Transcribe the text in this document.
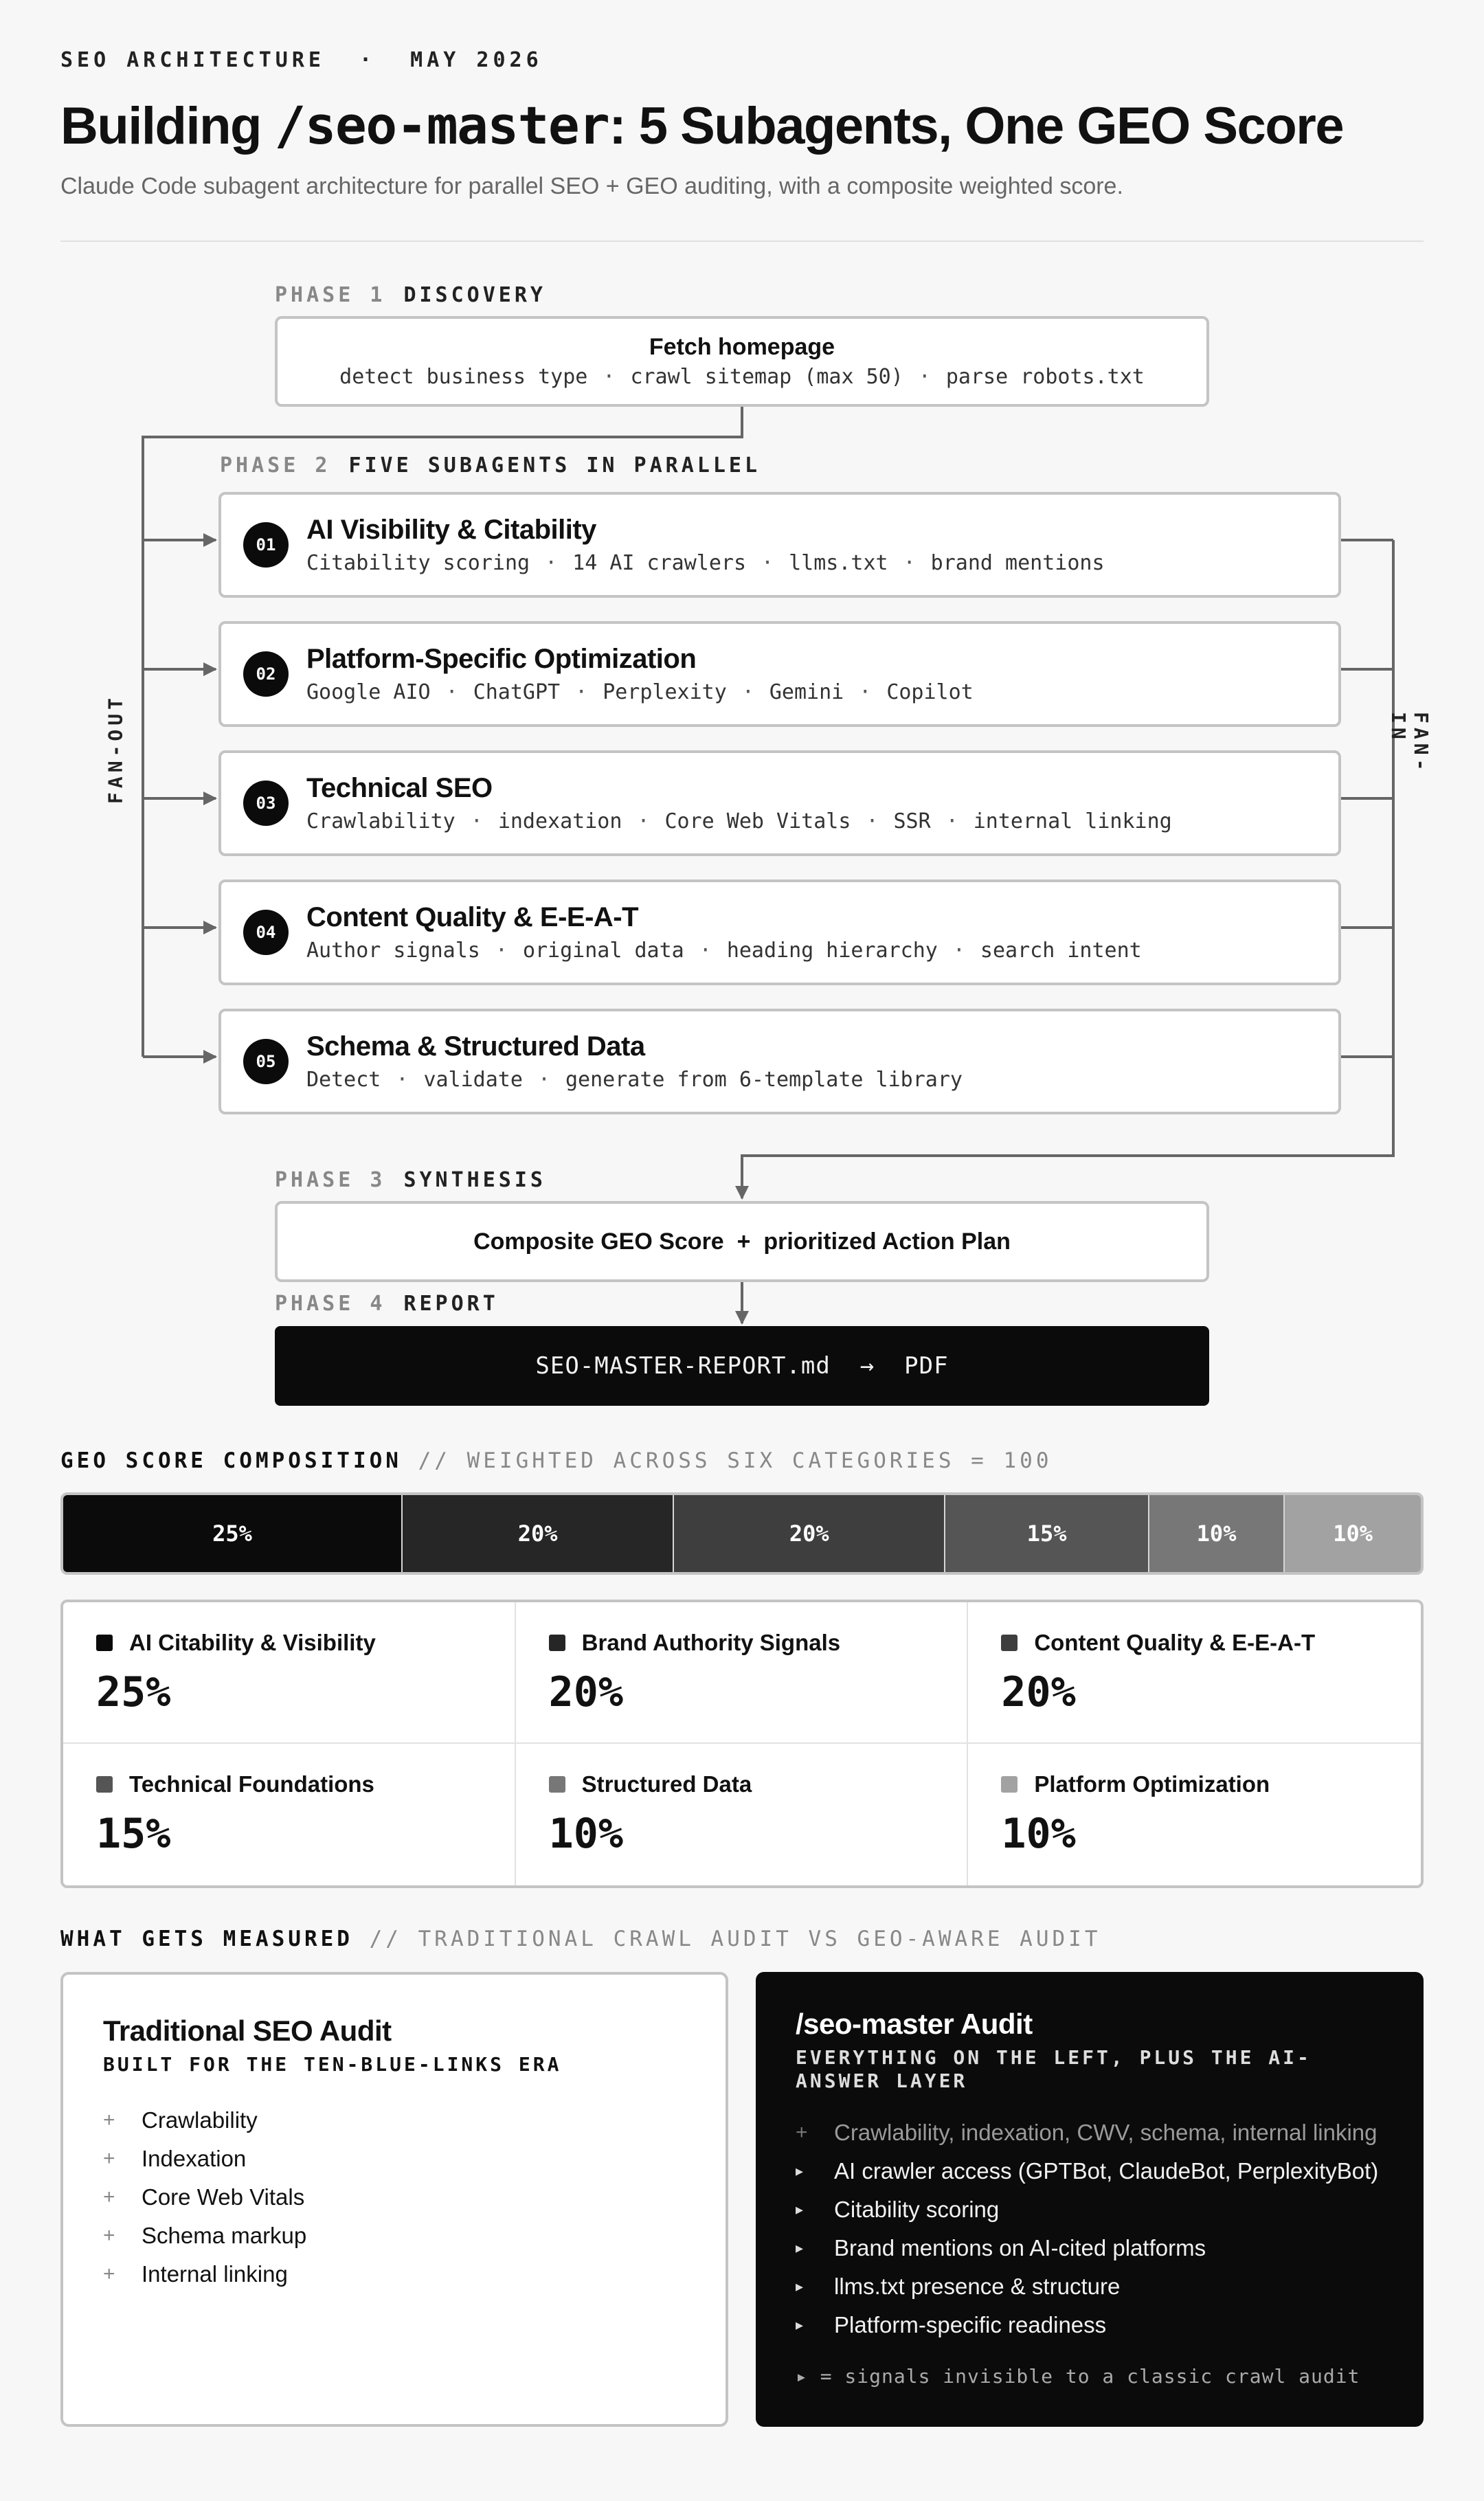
SEO ARCHITECTURE · MAY 2026
Building /seo-master: 5 Subagents, One GEO Score
Claude Code subagent architecture for parallel SEO + GEO auditing, with a composite weighted score.
FAN-OUT	FAN-IN
PHASE 1 DISCOVERY
Fetch homepage
detect business type · crawl sitemap (max 50) · parse robots.txt
PHASE 2 FIVE SUBAGENTS IN PARALLEL
01	AI Visibility & Citability
Citability scoring · 14 AI crawlers · llms.txt · brand mentions
02	Platform-Specific Optimization
Google AIO · ChatGPT · Perplexity · Gemini · Copilot
03	Technical SEO
Crawlability · indexation · Core Web Vitals · SSR · internal linking
04	Content Quality & E-E-A-T
Author signals · original data · heading hierarchy · search intent
05	Schema & Structured Data
Detect · validate · generate from 6-template library
PHASE 3 SYNTHESIS
Composite GEO Score  +  prioritized Action Plan
PHASE 4 REPORT
SEO-MASTER-REPORT.md  →  PDF
GEO SCORE COMPOSITION // WEIGHTED ACROSS SIX CATEGORIES = 100
25%	20%	20%	15%	10%	10%
AI Citability & Visibility
25%
Brand Authority Signals
20%
Content Quality & E-E-A-T
20%
Technical Foundations
15%
Structured Data
10%
Platform Optimization
10%
WHAT GETS MEASURED // TRADITIONAL CRAWL AUDIT VS GEO-AWARE AUDIT
Traditional SEO Audit
BUILT FOR THE TEN-BLUE-LINKS ERA
+	Crawlability
+	Indexation
+	Core Web Vitals
+	Schema markup
+	Internal linking
/seo-master Audit
EVERYTHING ON THE LEFT, PLUS THE AI-ANSWER LAYER
+	Crawlability, indexation, CWV, schema, internal linking
▸	AI crawler access (GPTBot, ClaudeBot, PerplexityBot)
▸	Citability scoring
▸	Brand mentions on AI-cited platforms
▸	llms.txt presence & structure
▸	Platform-specific readiness
▸ = signals invisible to a classic crawl audit
